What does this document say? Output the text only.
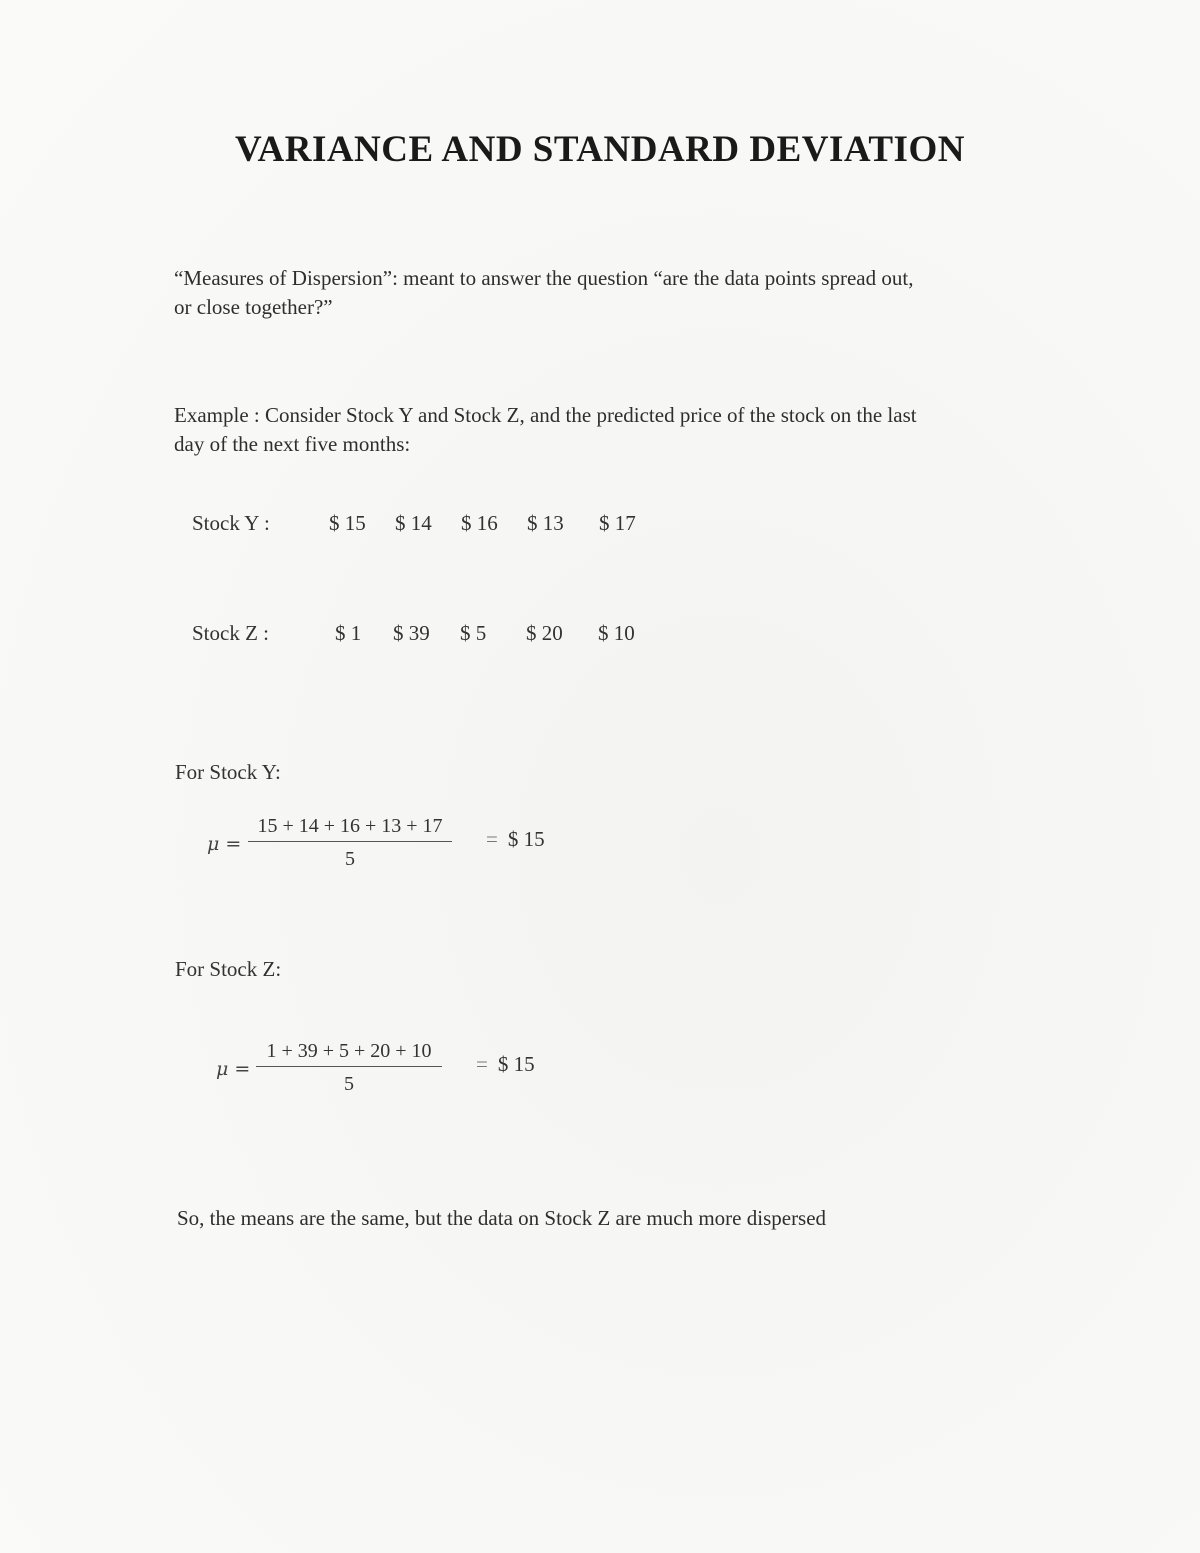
VARIANCE AND STANDARD DEVIATION

“Measures of Dispersion”: meant to answer the question “are the data points spread out,
or close together?”

Example : Consider Stock Y and Stock Z, and the predicted price of the stock on the last
day of the next five months:

Stock Y :	$ 15 $ 14 $ 16 $ 13 $ 17
Stock Z :	$ 1 $ 39 $ 5 $ 20 $ 10

For Stock Y:

μ =
15 + 14 + 16 + 13 + 17
5
= $ 15

For Stock Z:

μ =
1 + 39 + 5 + 20 + 10
5
= $ 15

So, the means are the same, but the data on Stock Z are much more dispersed
